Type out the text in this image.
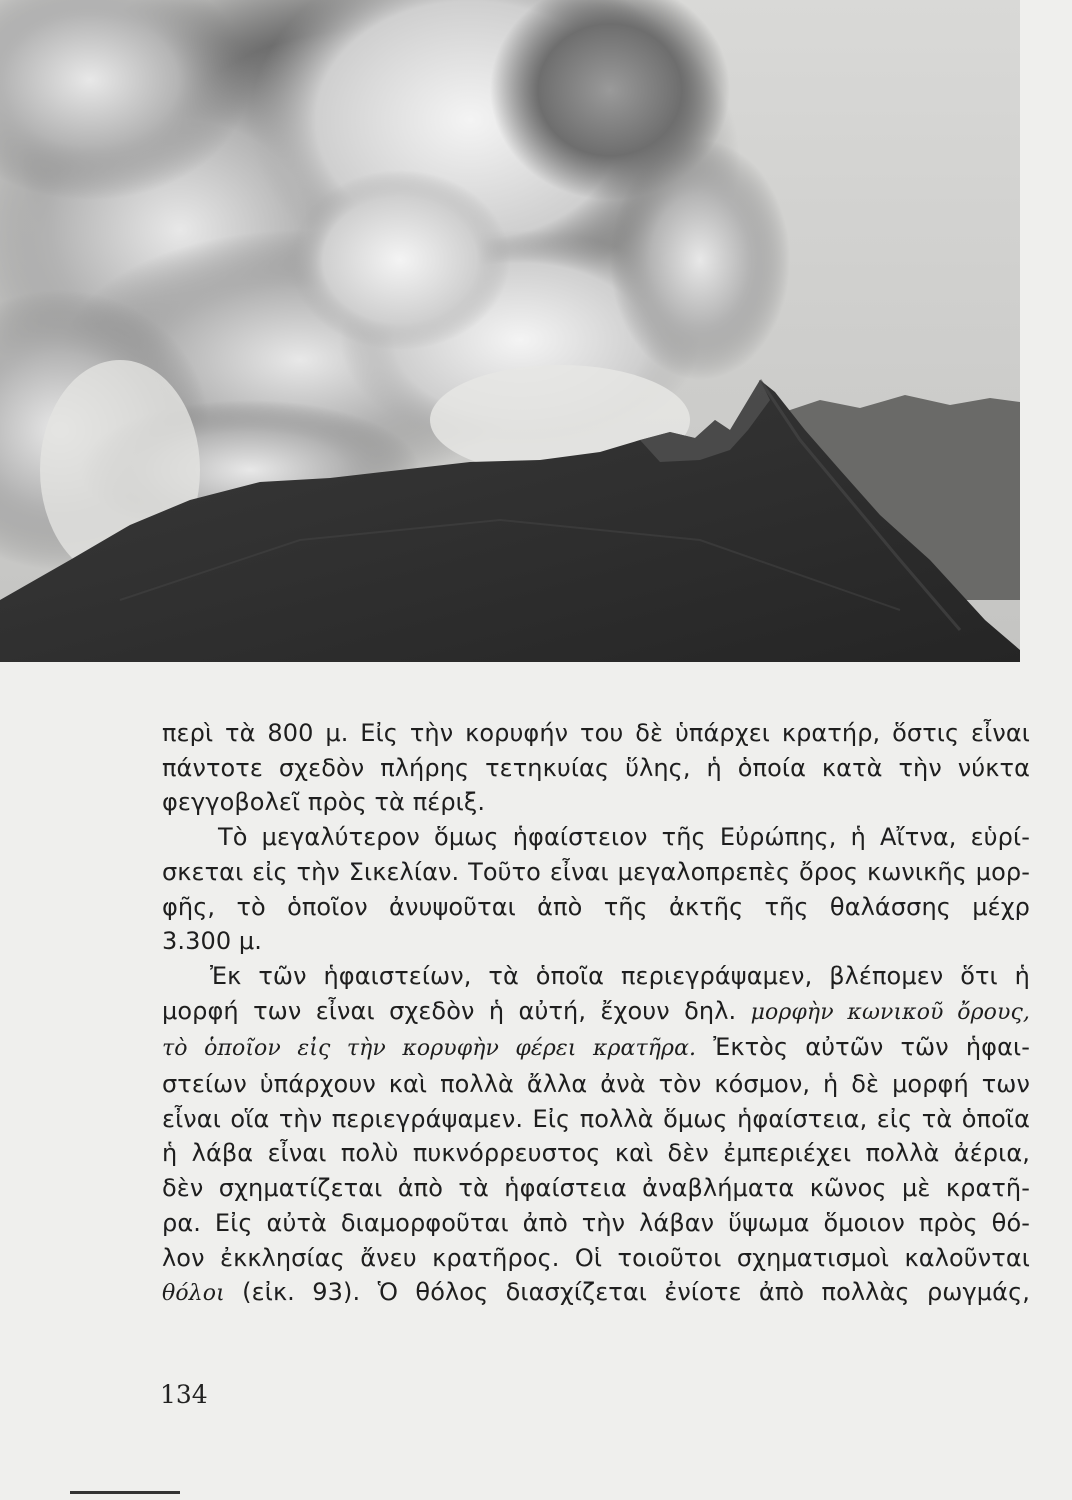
περὶ τὰ 800 μ. Εἰς τὴν κορυφήν του δὲ ὑπάρχει κρατήρ, ὅστις εἶναι
πάντοτε σχεδὸν πλήρης τετηκυίας ὕλης, ἡ ὁποία κατὰ τὴν νύκτα
φεγγοβολεῖ πρὸς τὰ πέριξ.
Τὸ μεγαλύτερον ὅμως ἡφαίστειον τῆς Εὐρώπης, ἡ Αἴτνα, εὑρί-
σκεται εἰς τὴν Σικελίαν. Τοῦτο εἶναι μεγαλοπρεπὲς ὄρος κωνικῆς μορ-
φῆς, τὸ ὁποῖον ἀνυψοῦται ἀπὸ τῆς ἀκτῆς τῆς θαλάσσης μέχρ
3.300 μ.
Ἐκ τῶν ἡφαιστείων, τὰ ὁποῖα περιεγράψαμεν, βλέπομεν ὅτι ἡ
μορφή των εἶναι σχεδὸν ἡ αὐτή, ἔχουν δηλ. μορφὴν κωνικοῦ ὄρους,
τὸ ὁποῖον εἰς τὴν κορυφὴν φέρει κρατῆρα. Ἐκτὸς αὐτῶν τῶν ἡφαι-
στείων ὑπάρχουν καὶ πολλὰ ἄλλα ἀνὰ τὸν κόσμον, ἡ δὲ μορφή των
εἶναι οἵα τὴν περιεγράψαμεν. Εἰς πολλὰ ὅμως ἡφαίστεια, εἰς τὰ ὁποῖα
ἡ λάβα εἶναι πολὺ πυκνόρρευστος καὶ δὲν ἐμπεριέχει πολλὰ ἀέρια,
δὲν σχηματίζεται ἀπὸ τὰ ἡφαίστεια ἀναβλήματα κῶνος μὲ κρατῆ-
ρα. Εἰς αὐτὰ διαμορφοῦται ἀπὸ τὴν λάβαν ὕψωμα ὅμοιον πρὸς θό-
λον ἐκκλησίας ἄνευ κρατῆρος. Οἱ τοιοῦτοι σχηματισμοὶ καλοῦνται
θόλοι (εἰκ. 93). Ὁ θόλος διασχίζεται ἐνίοτε ἀπὸ πολλὰς ρωγμάς,
134
